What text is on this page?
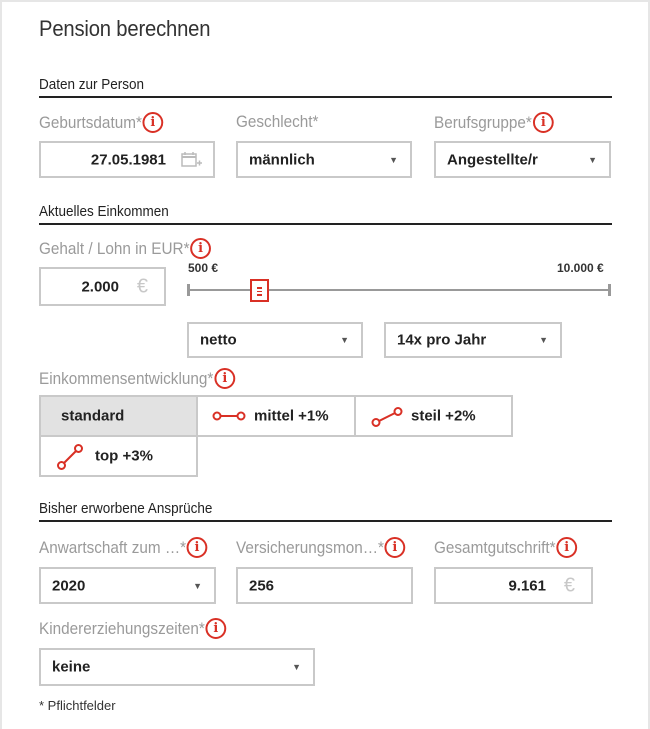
Pension berechnen
Daten zur Person
Geburtsdatum * i
27.05.1981
Geschlecht *
männlich	▼
Berufsgruppe * i
Angestellte/r	▼
Aktuelles Einkommen
Gehalt / Lohn in EUR * i
2.000 €
500 €	10.000 €
netto	▼	14x pro Jahr	▼
Einkommensentwicklung * i
standard	mittel +1%	steil +2%
top +3%
Bisher erworbene Ansprüche
Anwartschaft zum … * i
2020	▼
Versicherungsmon… * i
256
Gesamtgutschrift * i
9.161 €
Kindererziehungszeiten * i
keine	▼
* Pflichtfelder
